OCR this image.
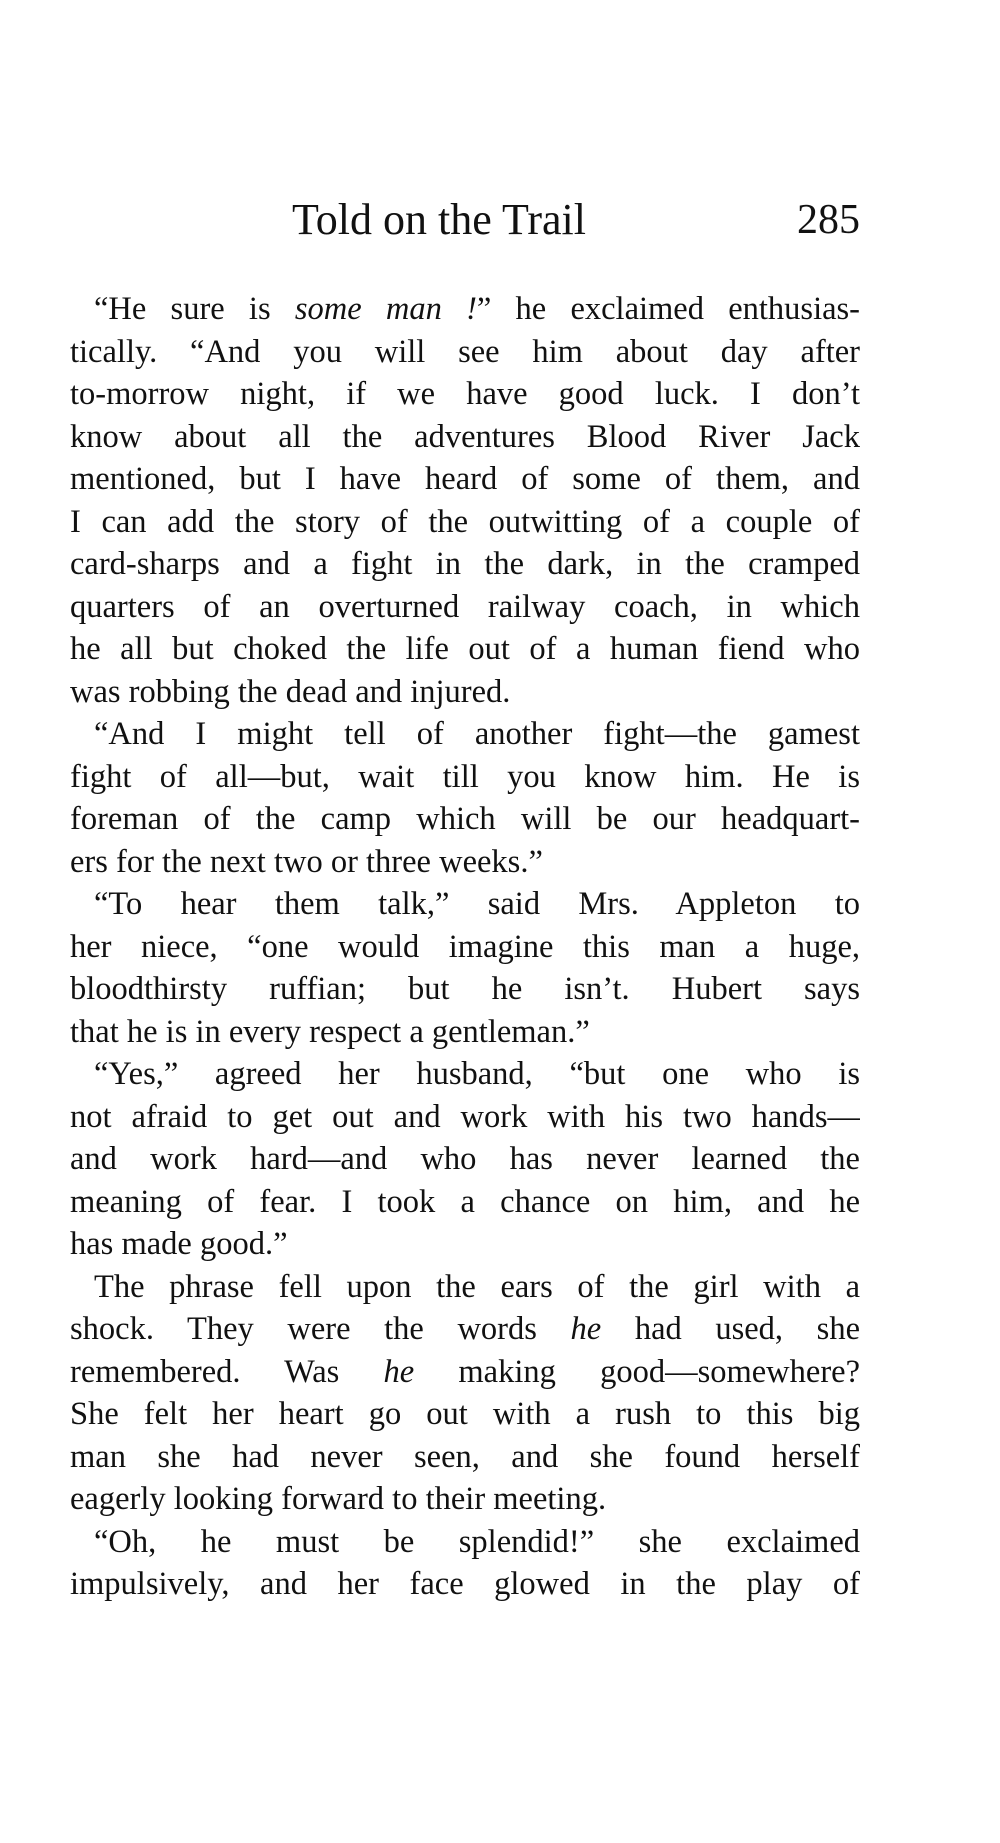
Told on the Trail	285
“He sure is some man !” he exclaimed enthusias-
tically. “And you will see him about day after
to-morrow night, if we have good luck. I don’t
know about all the adventures Blood River Jack
mentioned, but I have heard of some of them, and
I can add the story of the outwitting of a couple of
card-sharps and a fight in the dark, in the cramped
quarters of an overturned railway coach, in which
he all but choked the life out of a human fiend who
was robbing the dead and injured.
“And I might tell of another fight—the gamest
fight of all—but, wait till you know him. He is
foreman of the camp which will be our headquart-
ers for the next two or three weeks.”
“To hear them talk,” said Mrs. Appleton to
her niece, “one would imagine this man a huge,
bloodthirsty ruffian; but he isn’t. Hubert says
that he is in every respect a gentleman.”
“Yes,” agreed her husband, “but one who is
not afraid to get out and work with his two hands—
and work hard—and who has never learned the
meaning of fear. I took a chance on him, and he
has made good.”
The phrase fell upon the ears of the girl with a
shock. They were the words he had used, she
remembered. Was he making good—somewhere?
She felt her heart go out with a rush to this big
man she had never seen, and she found herself
eagerly looking forward to their meeting.
“Oh, he must be splendid!” she exclaimed
impulsively, and her face glowed in the play of
